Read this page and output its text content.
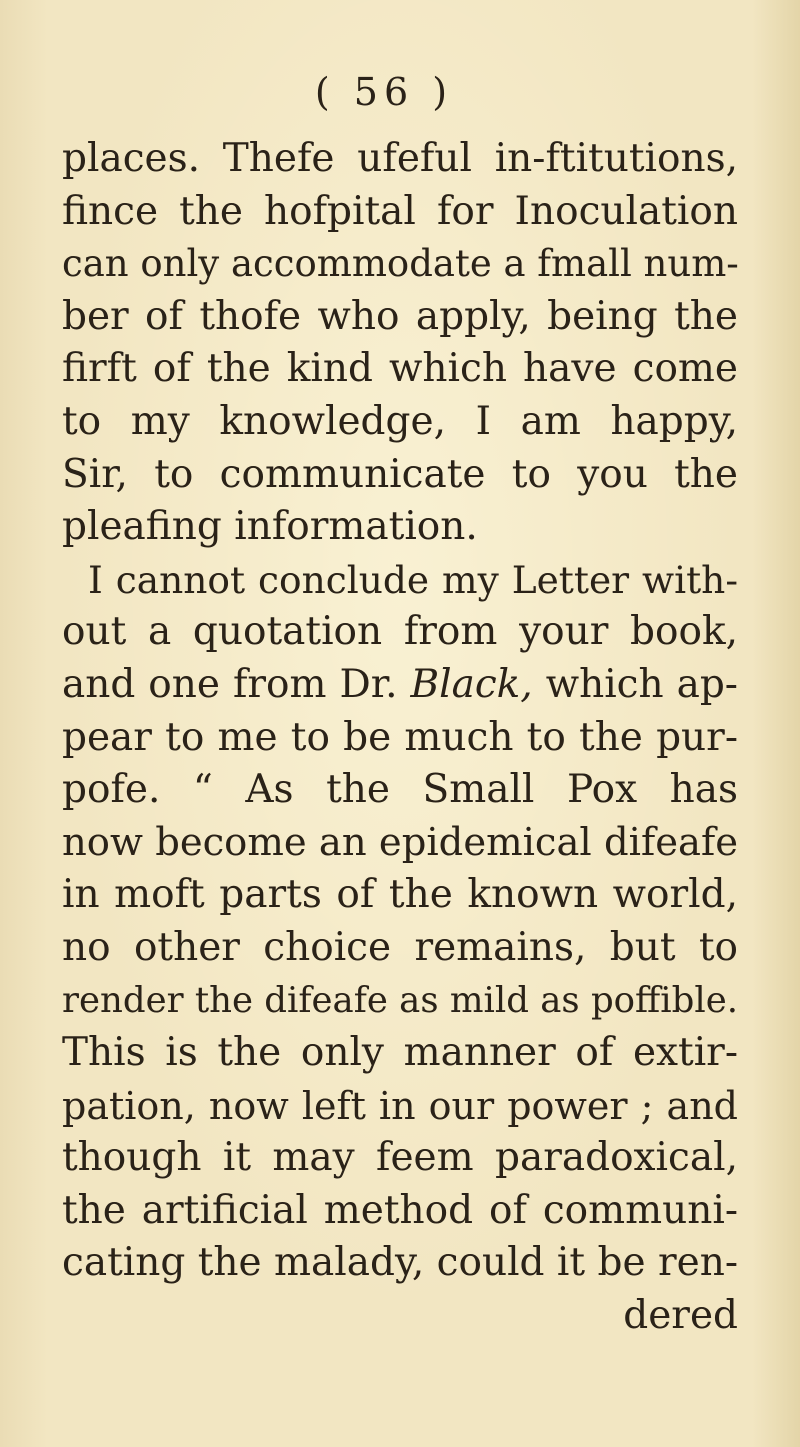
( 56 )
places. Thefe ufeful in-ftitutions,
fince the hofpital for Inoculation
can only accommodate a fmall num-
ber of thofe who apply, being the
firft of the kind which have come
to my knowledge, I am happy,
Sir, to communicate to you the
pleafing information.
I cannot conclude my Letter with-
out a quotation from your book,
and one from Dr. Black, which ap-
pear to me to be much to the pur-
pofe. “ As the Small Pox has
now become an epidemical difeafe
in moft parts of the known world,
no other choice remains, but to
render the difeafe as mild as poffible.
This is the only manner of extir-
pation, now left in our power ; and
though it may feem paradoxical,
the artificial method of communi-
cating the malady, could it be ren-
dered
